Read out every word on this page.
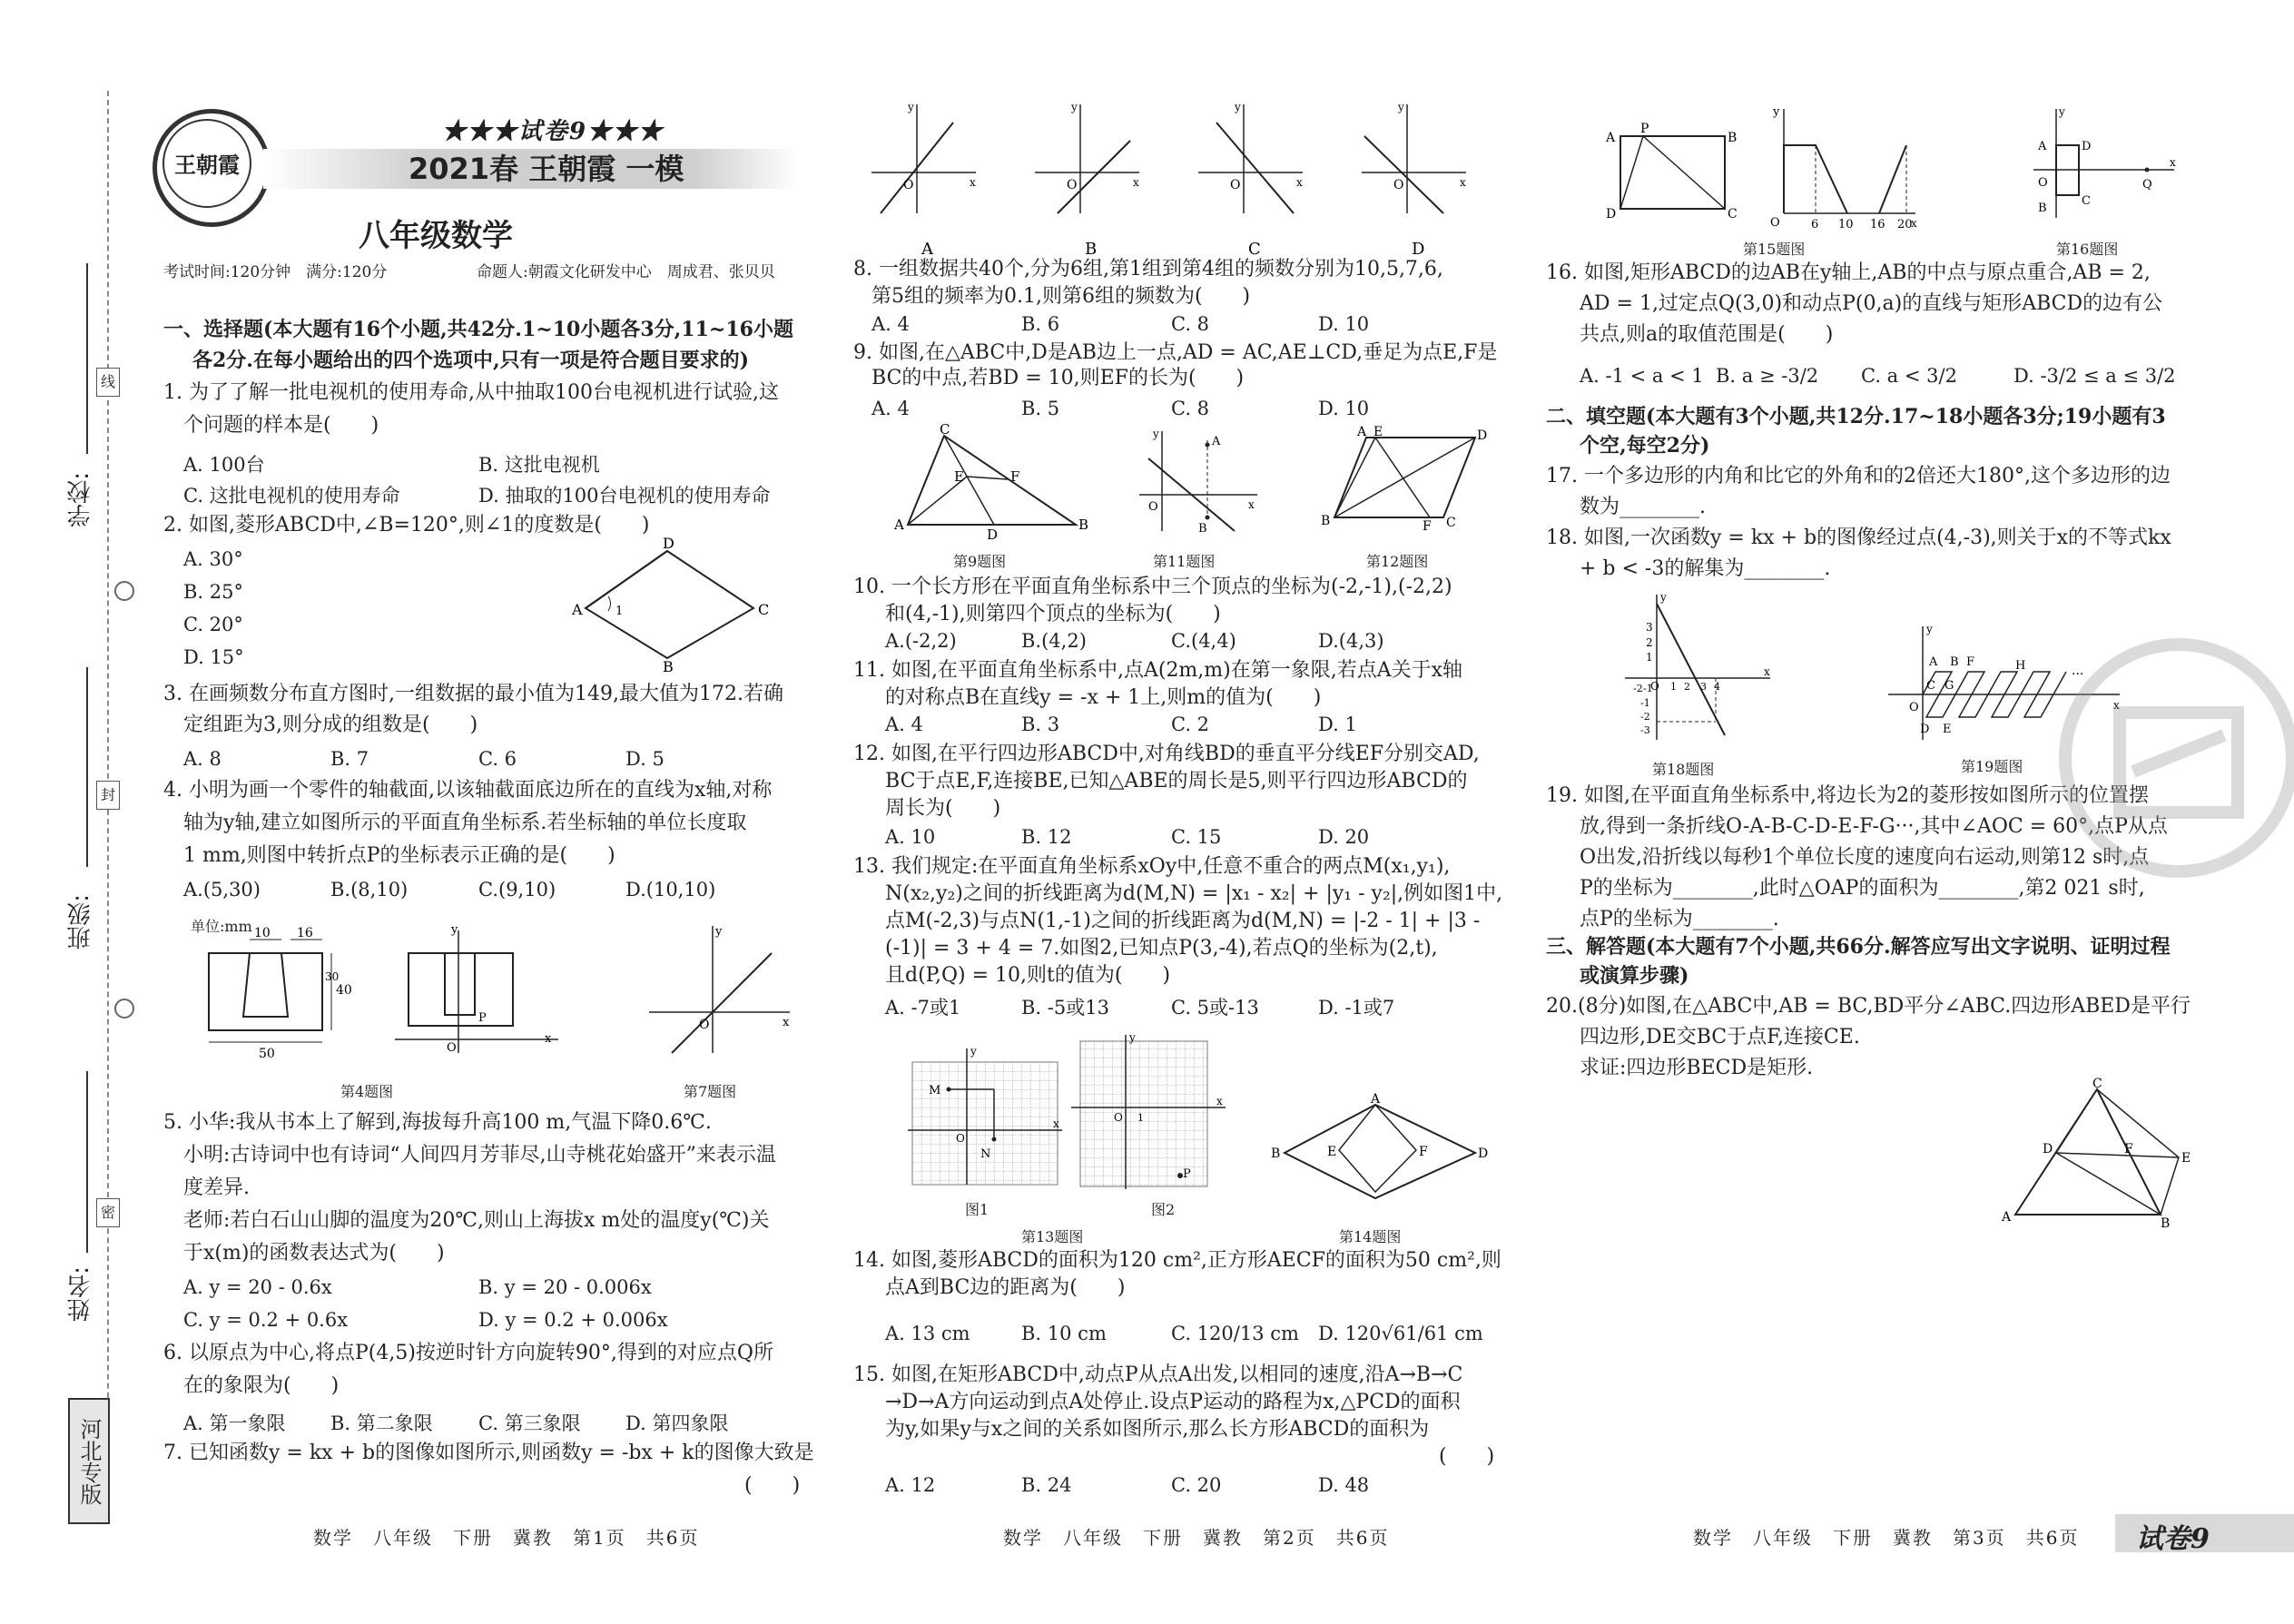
学校:
班级:
姓名:
线
封
密
河北专版
王朝霞
★★★试卷9★★★
2021春 王朝霞 一模
八年级数学
考试时间:120分钟　满分:120分	命题人:朝霞文化研发中心　周成君、张贝贝
一、选择题(本大题有16个小题,共42分.1~10小题各3分,11~16小题
各2分.在每小题给出的四个选项中,只有一项是符合题目要求的)
1. 为了了解一批电视机的使用寿命,从中抽取100台电视机进行试验,这
个问题的样本是(　　)
A. 100台	B. 这批电视机
C. 这批电视机的使用寿命	D. 抽取的100台电视机的使用寿命
2. 如图,菱形ABCD中,∠B=120°,则∠1的度数是(　　)
A. 30°
B. 25°
C. 20°
D. 15°
A
D
C
B
1
3. 在画频数分布直方图时,一组数据的最小值为149,最大值为172.若确
定组距为3,则分成的组数是(　　)
A. 8	B. 7	C. 6	D. 5
4. 小明为画一个零件的轴截面,以该轴截面底边所在的直线为x轴,对称
轴为y轴,建立如图所示的平面直角坐标系.若坐标轴的单位长度取
1 mm,则图中转折点P的坐标表示正确的是(　　)
A.(5,30)	B.(8,10)	C.(9,10)	D.(10,10)
单位:mm 10 16
40
30
50
y
x
O
P	O	x
y
第4题图	第7题图
5. 小华:我从书本上了解到,海拔每升高100 m,气温下降0.6℃.
小明:古诗词中也有诗词“人间四月芳菲尽,山寺桃花始盛开”来表示温
度差异.
老师:若白石山山脚的温度为20℃,则山上海拔x m处的温度y(℃)关
于x(m)的函数表达式为(　　)
A. y = 20 - 0.6x	B. y = 20 - 0.006x
C. y = 0.2 + 0.6x	D. y = 0.2 + 0.006x
6. 以原点为中心,将点P(4,5)按逆时针方向旋转90°,得到的对应点Q所
在的象限为(　　)
A. 第一象限 B. 第二象限 C. 第三象限 D. 第四象限
7. 已知函数y = kx + b的图像如图所示,则函数y = -bx + k的图像大致是
(　　)
O	x
y
A
O	x
y
B
O	x
y
C
O	x
y
D
8. 一组数据共40个,分为6组,第1组到第4组的频数分别为10,5,7,6,
第5组的频率为0.1,则第6组的频数为(　　)
A. 4	B. 6	C. 8	D. 10
9. 如图,在△ABC中,D是AB边上一点,AD = AC,AE⊥CD,垂足为点E,F是
BC的中点,若BD = 10,则EF的长为(　　)
A. 4	B. 5	C. 8	D. 10
A
C
B
D
E	F
A
B
O	x
y	A E	D
B	F C
第9题图	第11题图	第12题图
10. 一个长方形在平面直角坐标系中三个顶点的坐标为(-2,-1),(-2,2)
和(4,-1),则第四个顶点的坐标为(　　)
A.(-2,2)	B.(4,2)	C.(4,4)	D.(4,3)
11. 如图,在平面直角坐标系中,点A(2m,m)在第一象限,若点A关于x轴
的对称点B在直线y = -x + 1上,则m的值为(　　)
A. 4	B. 3	C. 2	D. 1
12. 如图,在平行四边形ABCD中,对角线BD的垂直平分线EF分别交AD,
BC于点E,F,连接BE,已知△ABE的周长是5,则平行四边形ABCD的
周长为(　　)
A. 10	B. 12	C. 15	D. 20
13. 我们规定:在平面直角坐标系xOy中,任意不重合的两点M(x₁,y₁),
N(x₂,y₂)之间的折线距离为d(M,N) = |x₁ - x₂| + |y₁ - y₂|,例如图1中,
点M(-2,3)与点N(1,-1)之间的折线距离为d(M,N) = |-2 - 1| + |3 -
(-1)| = 3 + 4 = 7.如图2,已知点P(3,-4),若点Q的坐标为(2,t),
且d(P,Q) = 10,则t的值为(　　)
A. -7或1	B. -5或13	C. 5或-13	D. -1或7
M
N
O
y
x
P
O 1
y
x	A
B	D
E	F
图1	图2
第13题图	第14题图
14. 如图,菱形ABCD的面积为120 cm²,正方形AECF的面积为50 cm²,则
点A到BC边的距离为(　　)
A. 13 cm	B. 10 cm	C. 120/13 cm D. 120√61/61 cm
15. 如图,在矩形ABCD中,动点P从点A出发,以相同的速度,沿A→B→C
→D→A方向运动到点A处停止.设点P运动的路程为x,△PCD的面积
为y,如果y与x之间的关系如图所示,那么长方形ABCD的面积为
(　　)
A. 12	B. 24	C. 20	D. 48
A
P
B
D	C
y
x
O	6 10 16 20
A	D
O
B
C
Q
y
x
第15题图	第16题图
16. 如图,矩形ABCD的边AB在y轴上,AB的中点与原点重合,AB = 2,
AD = 1,过定点Q(3,0)和动点P(0,a)的直线与矩形ABCD的边有公
共点,则a的取值范围是(　　)
A. -1 < a < 1 B. a ≥ -3/2 C. a < 3/2	D. -3/2 ≤ a ≤ 3/2
二、填空题(本大题有3个小题,共12分.17~18小题各3分;19小题有3
个空,每空2分)
17. 一个多边形的内角和比它的外角和的2倍还大180°,这个多边形的边
数为________.
18. 如图,一次函数y = kx + b的图像经过点(4,-3),则关于x的不等式kx
+ b < -3的解集为________.
y
x
3
2
1
-2 -1
O 1 2 3 4
-1
-2
-3
A B F
C G
H
D E
O
y
x
···
第18题图	第19题图
19. 如图,在平面直角坐标系中,将边长为2的菱形按如图所示的位置摆
放,得到一条折线O-A-B-C-D-E-F-G···,其中∠AOC = 60°,点P从点
O出发,沿折线以每秒1个单位长度的速度向右运动,则第12 s时,点
P的坐标为________,此时△OAP的面积为________,第2 021 s时,
点P的坐标为________.
三、解答题(本大题有7个小题,共66分.解答应写出文字说明、证明过程
或演算步骤)
20.(8分)如图,在△ABC中,AB = BC,BD平分∠ABC.四边形ABED是平行
四边形,DE交BC于点F,连接CE.
求证:四边形BECD是矩形.
C
D	F
E
A	B
数学　八年级　下册　冀教　第1页　共6页	数学　八年级　下册　冀教　第2页　共6页	数学　八年级　下册　冀教　第3页　共6页 试卷9
